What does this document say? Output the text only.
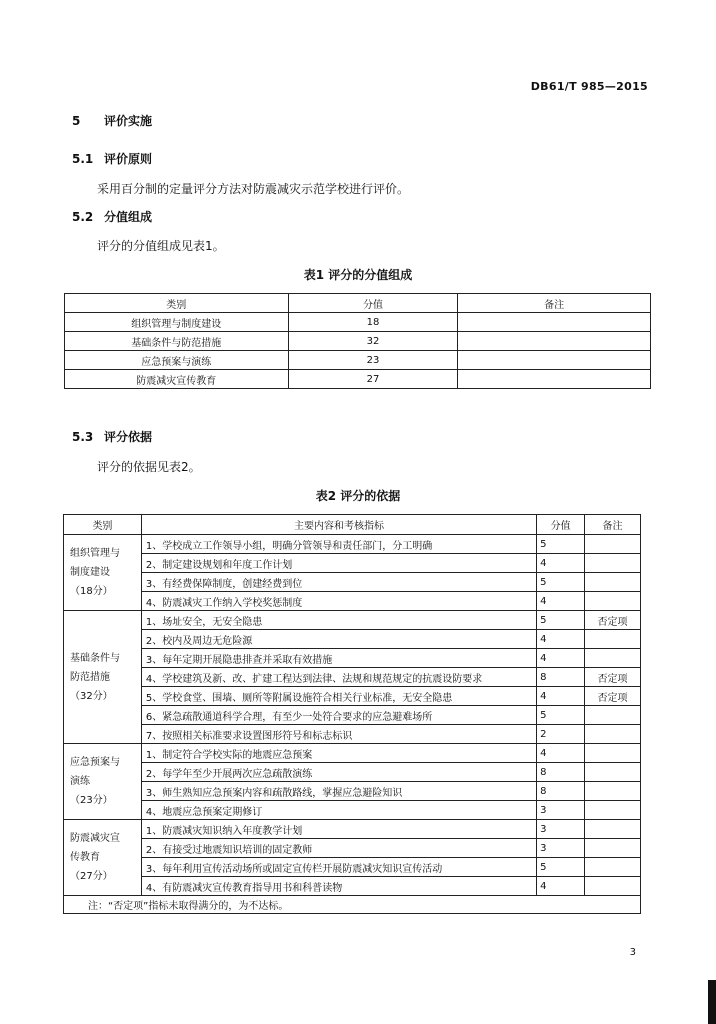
DB61/T 985—2015
5 评价实施
5.1 评价原则
采用百分制的定量评分方法对防震减灾示范学校进行评价。
5.2 分值组成
评分的分值组成见表1。
表1 评分的分值组成
类别	分值	备注
组织管理与制度建设	18	
基础条件与防范措施	32	
应急预案与演练	23	
防震减灾宣传教育	27	
5.3 评分依据
评分的依据见表2。
表2 评分的依据
类别	主要内容和考核指标	分值	备注

组织管理与
制度建设
（18分）	1、学校成立工作领导小组，明确分管领导和责任部门，分工明确	5	
	2、制定建设规划和年度工作计划	4	
	3、有经费保障制度，创建经费到位	5	
	4、防震减灾工作纳入学校奖惩制度	4	

基础条件与
防范措施
（32分）	1、场址安全，无安全隐患	5	否定项
	2、校内及周边无危险源	4	
	3、每年定期开展隐患排查并采取有效措施	4	
	4、学校建筑及新、改、扩建工程达到法律、法规和规范规定的抗震设防要求	8	否定项
	5、学校食堂、围墙、厕所等附属设施符合相关行业标准，无安全隐患	4	否定项
	6、紧急疏散通道科学合理，有至少一处符合要求的应急避难场所	5	
	7、按照相关标准要求设置图形符号和标志标识	2	

应急预案与
演练
（23分）	1、制定符合学校实际的地震应急预案	4	
	2、每学年至少开展两次应急疏散演练	8	
	3、师生熟知应急预案内容和疏散路线，掌握应急避险知识	8	
	4、地震应急预案定期修订	3	

防震减灾宣
传教育
（27分）	1、防震减灾知识纳入年度教学计划	3	
	2、有接受过地震知识培训的固定教师	3	
	3、每年利用宣传活动场所或固定宣传栏开展防震减灾知识宣传活动	5	
	4、有防震减灾宣传教育指导用书和科普读物	4	
注：“否定项”指标未取得满分的，为不达标。			
3
